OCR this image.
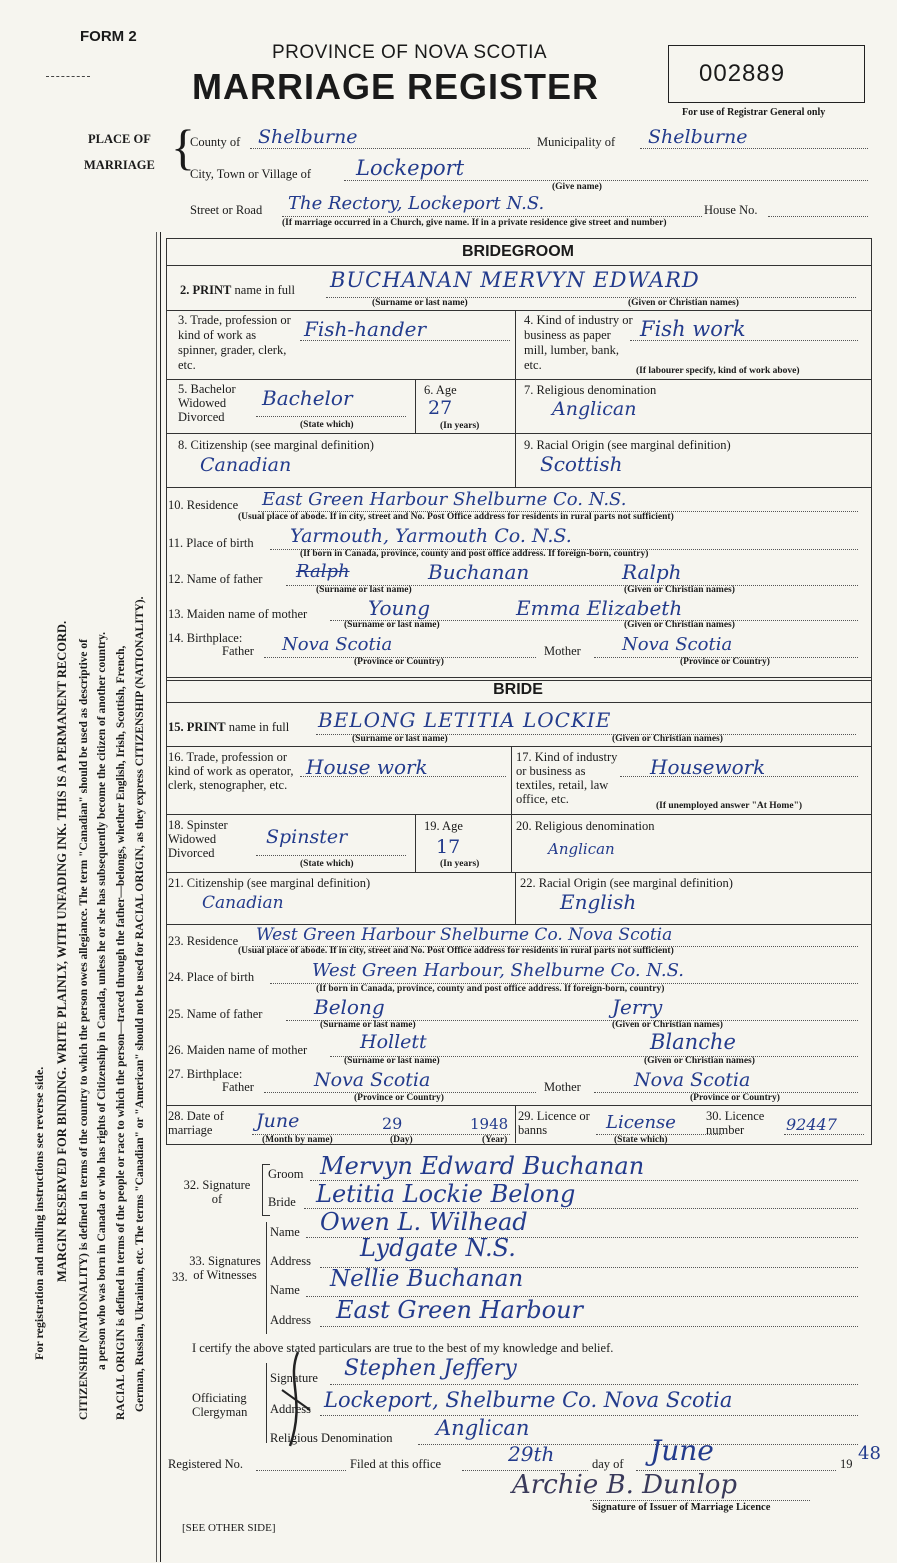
For registration and mailing instructions see reverse side. MARGIN RESERVED FOR BINDING. WRITE PLAINLY, WITH UNFADING INK. THIS IS A PERMANENT RECORD. CITIZENSHIP (NATIONALITY) is defined in terms of the country to which the person owes allegiance. The term "Canadian" should be used as descriptive of a person who was born in Canada or who has rights of Citizenship in Canada, unless he or she has subsequently become the citizen of another country. RACIAL ORIGIN is defined in terms of the people or race to which the person—traced through the father—belongs, whether English, Irish, Scottish, French, German, Russian, Ukrainian, etc. The terms "Canadian" or "American" should not be used for RACIAL ORIGIN, as they express CITIZENSHIP (NATIONALITY).
FORM 2
PROVINCE OF NOVA SCOTIA
MARRIAGE REGISTER	002889
For use of Registrar General only
PLACE OF
MARRIAGE {
County of Shelburne	Municipality of Shelburne
City, Town or Village of Lockeport
(Give name)
Street or Road The Rectory, Lockeport N.S.	House No.
(If marriage occurred in a Church, give name. If in a private residence give street and number)
BRIDEGROOM
2. PRINT name in full BUCHANAN MERVYN EDWARD
(Surname or last name)	(Given or Christian names)
3. Trade, profession or kind of work as spinner, grader, clerk, etc.
Fish-hander	4. Kind of industry or business as paper mill, lumber, bank, etc.
Fish work
(If labourer specify, kind of work above)
5. Bachelor Widowed Divorced
Bachelor
(State which)
6. Age
27
(In years)
7. Religious denomination
Anglican
8. Citizenship (see marginal definition)
Canadian
9. Racial Origin (see marginal definition)
Scottish
10. Residence East Green Harbour Shelburne Co. N.S.
(Usual place of abode. If in city, street and No. Post Office address for residents in rural parts not sufficient)
11. Place of birth Yarmouth, Yarmouth Co. N.S.
(If born in Canada, province, county and post office address. If foreign-born, country)
12. Name of father Ralph	Buchanan	Ralph
(Surname or last name)	(Given or Christian names)
13. Maiden name of mother	Young	Emma Elizabeth
(Surname or last name)	(Given or Christian names)
14. Birthplace:
Father Nova Scotia	Mother Nova Scotia
(Province or Country)	(Province or Country)
BRIDE
15. PRINT name in full BELONG LETITIA LOCKIE
(Surname or last name)	(Given or Christian names)
16. Trade, profession or kind of work as operator, clerk, stenographer, etc.
House work	17. Kind of industry or business as textiles, retail, law office, etc.
Housework
(If unemployed answer "At Home")
18. Spinster Widowed Divorced
Spinster
(State which)
19. Age
17
(In years)
20. Religious denomination
Anglican
21. Citizenship (see marginal definition)
Canadian
22. Racial Origin (see marginal definition)
English
23. Residence West Green Harbour Shelburne Co. Nova Scotia
(Usual place of abode. If in city, street and No. Post Office address for residents in rural parts not sufficient)
24. Place of birth	West Green Harbour, Shelburne Co. N.S.
(If born in Canada, province, county and post office address. If foreign-born, country)
25. Name of father	Belong	Jerry
(Surname or last name)	(Given or Christian names)
26. Maiden name of mother	Hollett	Blanche
(Surname or last name)	(Given or Christian names)
27. Birthplace:
Father	Nova Scotia	Mother	Nova Scotia
(Province or Country)	(Province or Country)
28. Date of marriage	June	29	1948
(Month by name)	(Day)	(Year)
29. Licence or banns	License
(State which)
30. Licence number	92447
32. Signature of
Groom Mervyn Edward Buchanan
Bride Letitia Lockie Belong
33. Signatures of Witnesses
Name Owen L. Wilhead
Address Lydgate N.S.
Name Nellie Buchanan
Address East Green Harbour
33.
I certify the above stated particulars are true to the best of my knowledge and belief.
Officiating Clergyman
Signature Stephen Jeffery
Address Lockeport, Shelburne Co. Nova Scotia
Religious Denomination Anglican
Registered No.	Filed at this office	29th	day of June	19 48
Archie B. Dunlop
Signature of Issuer of Marriage Licence
[SEE OTHER SIDE]
